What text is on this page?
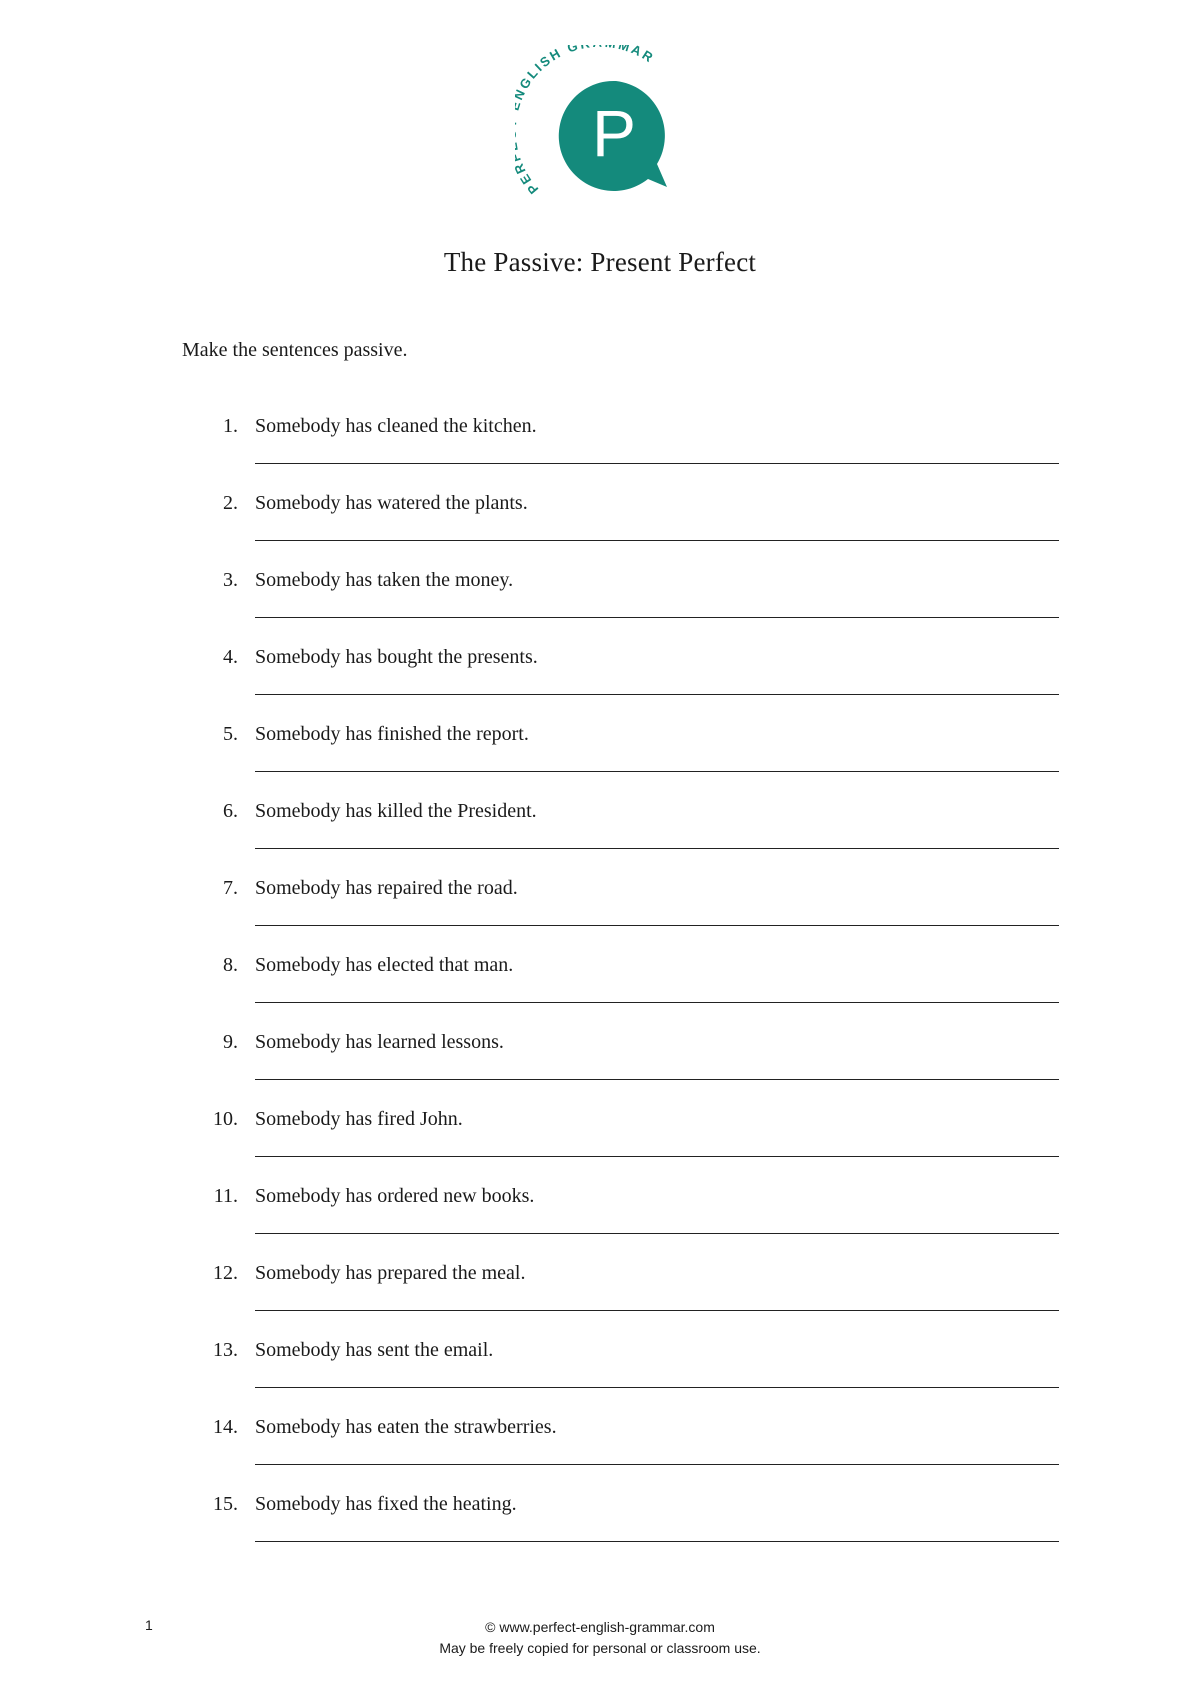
PE GLISH G MAR
P
The Passive: Present Perfect
Make the sentences passive.
1. Somebody has cleaned the kitchen.
2. Somebody has watered the plants.
3. Somebody has taken the money.
4. Somebody has bought the presents.
5. Somebody has finished the report.
6. Somebody has killed the President.
7. Somebody has repaired the road.
8. Somebody has elected that man.
9. Somebody has learned lessons.
10. Somebody has fired John.
11. Somebody has ordered new books.
12. Somebody has prepared the meal.
13. Somebody has sent the email.
14. Somebody has eaten the strawberries.
15. Somebody has fixed the heating.
1	© www.perfect-english-grammar.com
May be freely copied for personal or classroom use.
